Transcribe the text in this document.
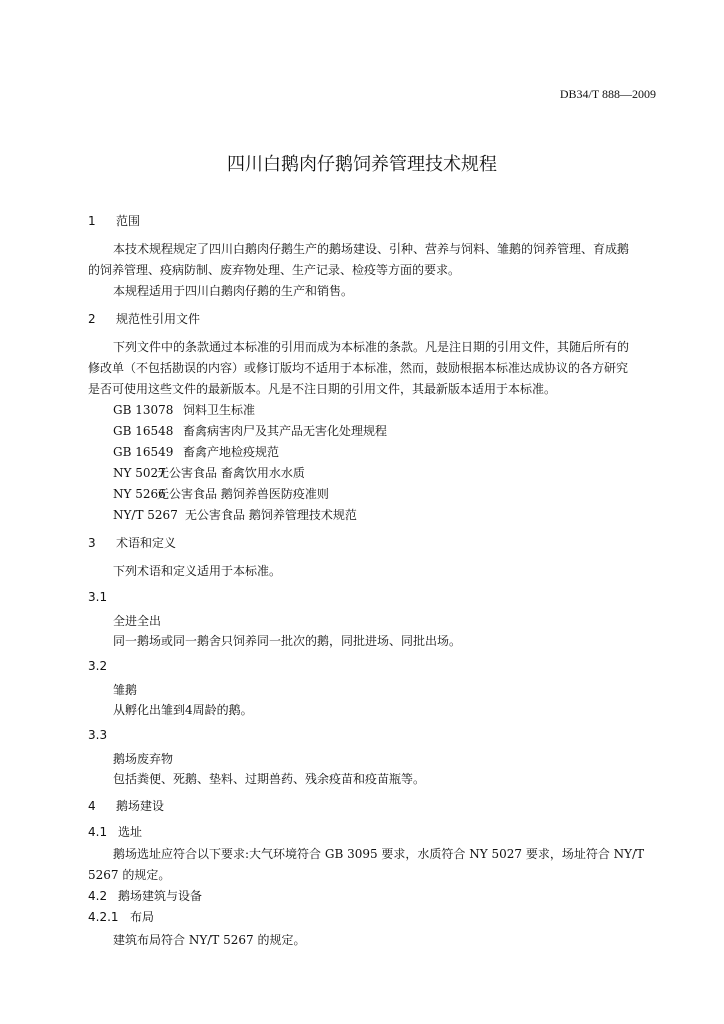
DB34/T 888—2009
四川白鹅肉仔鹅饲养管理技术规程
1 范围
本技术规程规定了四川白鹅肉仔鹅生产的鹅场建设、引种、营养与饲料、雏鹅的饲养管理、育成鹅
的饲养管理、疫病防制、废弃物处理、生产记录、检疫等方面的要求。
本规程适用于四川白鹅肉仔鹅的生产和销售。
2 规范性引用文件
下列文件中的条款通过本标准的引用而成为本标准的条款。凡是注日期的引用文件，其随后所有的
修改单（不包括勘误的内容）或修订版均不适用于本标准，然而，鼓励根据本标准达成协议的各方研究
是否可使用这些文件的最新版本。凡是不注日期的引用文件，其最新版本适用于本标准。
GB 13078 饲料卫生标准
GB 16548 畜禽病害肉尸及其产品无害化处理规程
GB 16549 畜禽产地检疫规范
NY 5027无公害食品 畜禽饮用水水质
NY 5266无公害食品 鹅饲养兽医防疫准则
NY/T 5267 无公害食品 鹅饲养管理技术规范
3 术语和定义
下列术语和定义适用于本标准。
3.1
全进全出
同一鹅场或同一鹅舍只饲养同一批次的鹅，同批进场、同批出场。
3.2
雏鹅
从孵化出雏到4周龄的鹅。
3.3
鹅场废弃物
包括粪便、死鹅、垫料、过期兽药、残余疫苗和疫苗瓶等。
4 鹅场建设
4.1 选址
鹅场选址应符合以下要求:大气环境符合 GB 3095 要求，水质符合 NY 5027 要求，场址符合 NY/T
5267 的规定。
4.2 鹅场建筑与设备
4.2.1 布局
建筑布局符合 NY/T 5267 的规定。
